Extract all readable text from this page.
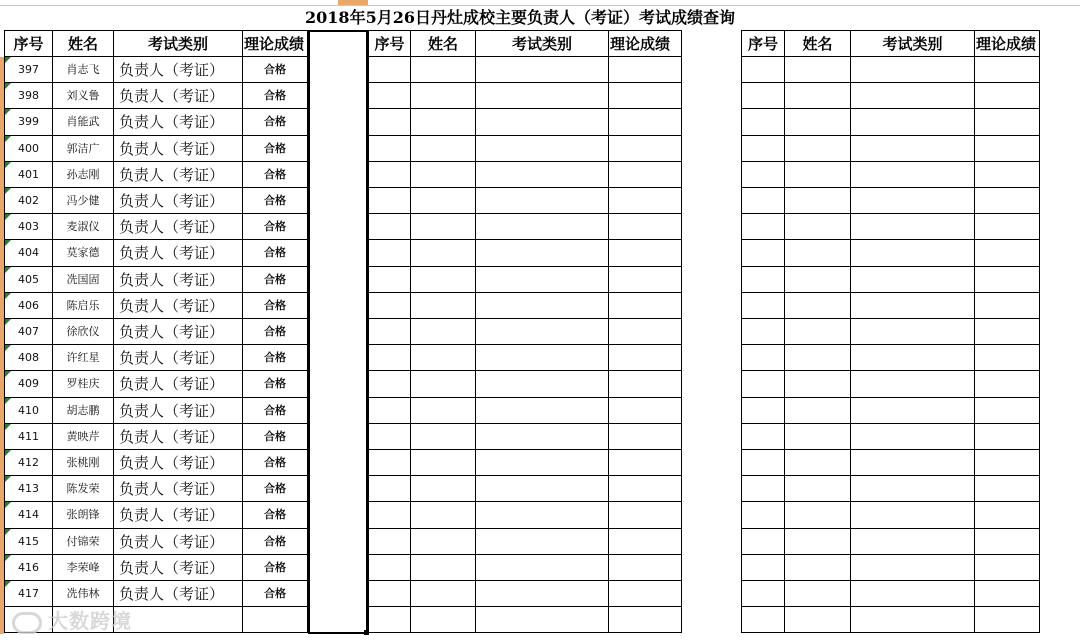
2018年5月26日丹灶成校主要负责人（考证）考试成绩查询
序号	姓名	考试类别	理论成绩	序号	姓名	考试类别	理论成绩	序号	姓名	考试类别	理论成绩
397	肖志飞	负责人（考证）	合格
398	刘义鲁	负责人（考证）	合格
399	肖能武	负责人（考证）	合格
400	郭洁广	负责人（考证）	合格
401	孙志刚	负责人（考证）	合格
402	冯少健	负责人（考证）	合格
403	麦淑仪	负责人（考证）	合格
404	莫家德	负责人（考证）	合格
405	冼国固	负责人（考证）	合格
406	陈启乐	负责人（考证）	合格
407	徐欣仪	负责人（考证）	合格
408	许红星	负责人（考证）	合格
409	罗桂庆	负责人（考证）	合格
410	胡志鹏	负责人（考证）	合格
411	黄映芹	负责人（考证）	合格
412	张桃刚	负责人（考证）	合格
413	陈发荣	负责人（考证）	合格
414	张朗锋	负责人（考证）	合格
415	付锦荣	负责人（考证）	合格
416	李荣峰	负责人（考证）	合格
417	冼伟林	负责人（考证）	合格
大数跨境
